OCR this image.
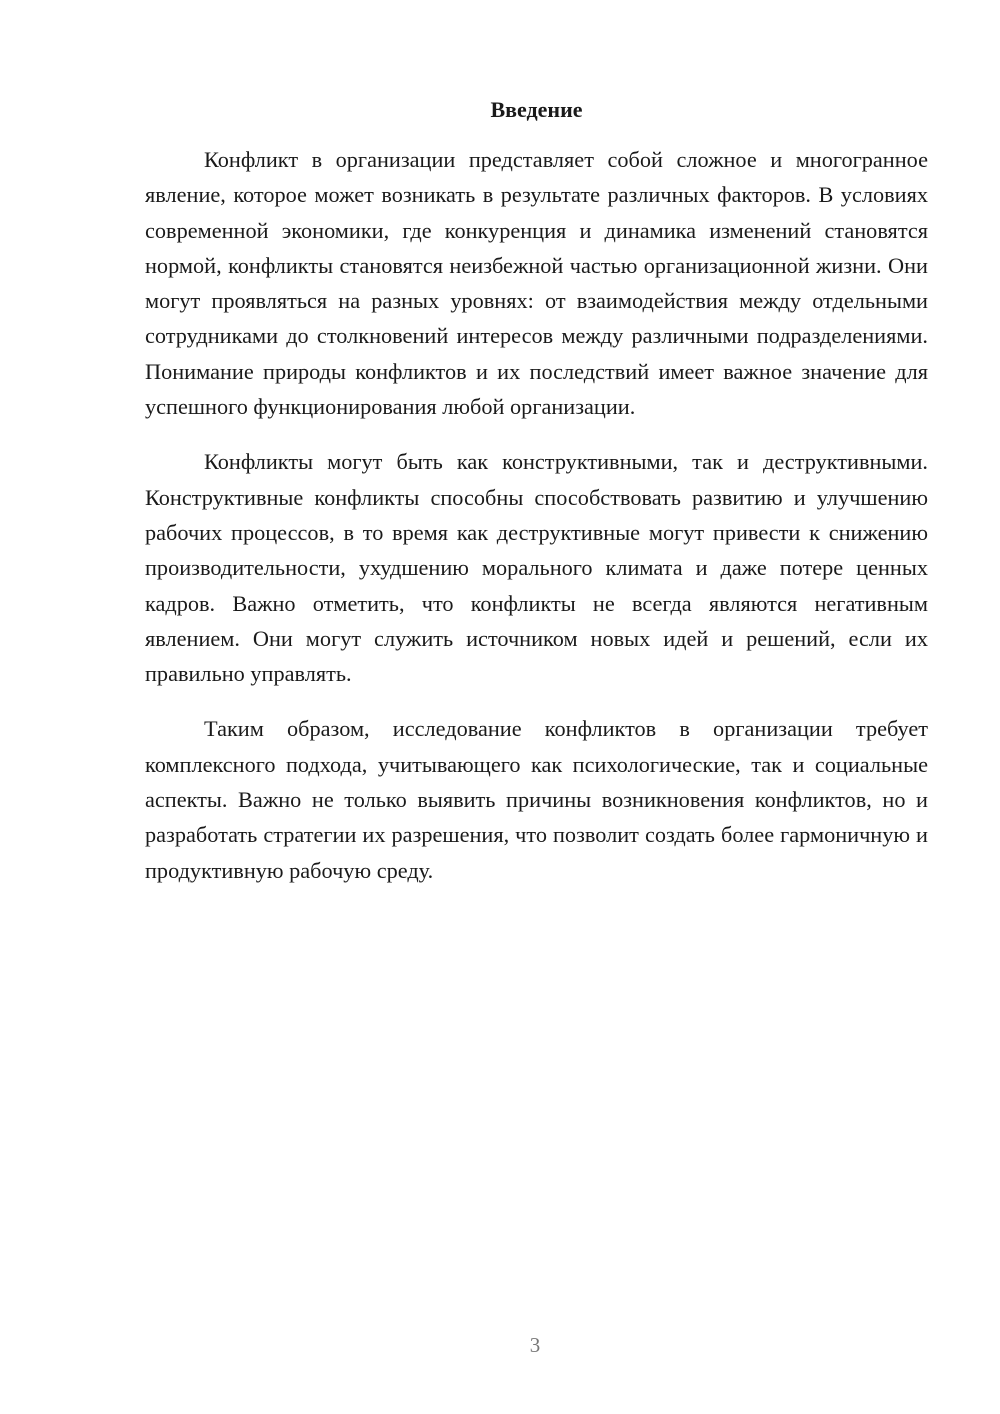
Введение

Конфликт в организации представляет собой сложное и многогранное явление, которое может возникать в результате различных факторов. В условиях современной экономики, где конкуренция и динамика изменений становятся нормой, конфликты становятся неизбежной частью организационной жизни. Они могут проявляться на разных уровнях: от взаимодействия между отдельными сотрудниками до столкновений интересов между различными подразделениями. Понимание природы конфликтов и их последствий имеет важное значение для успешного функционирования любой организации.

Конфликты могут быть как конструктивными, так и деструктивными. Конструктивные конфликты способны способствовать развитию и улучшению рабочих процессов, в то время как деструктивные могут привести к снижению производительности, ухудшению морального климата и даже потере ценных кадров. Важно отметить, что конфликты не всегда являются негативным явлением. Они могут служить источником новых идей и решений, если их правильно управлять.

Таким образом, исследование конфликтов в организации требует комплексного подхода, учитывающего как психологические, так и социальные аспекты. Важно не только выявить причины возникновения конфликтов, но и разработать стратегии их разрешения, что позволит создать более гармоничную и продуктивную рабочую среду.

3
